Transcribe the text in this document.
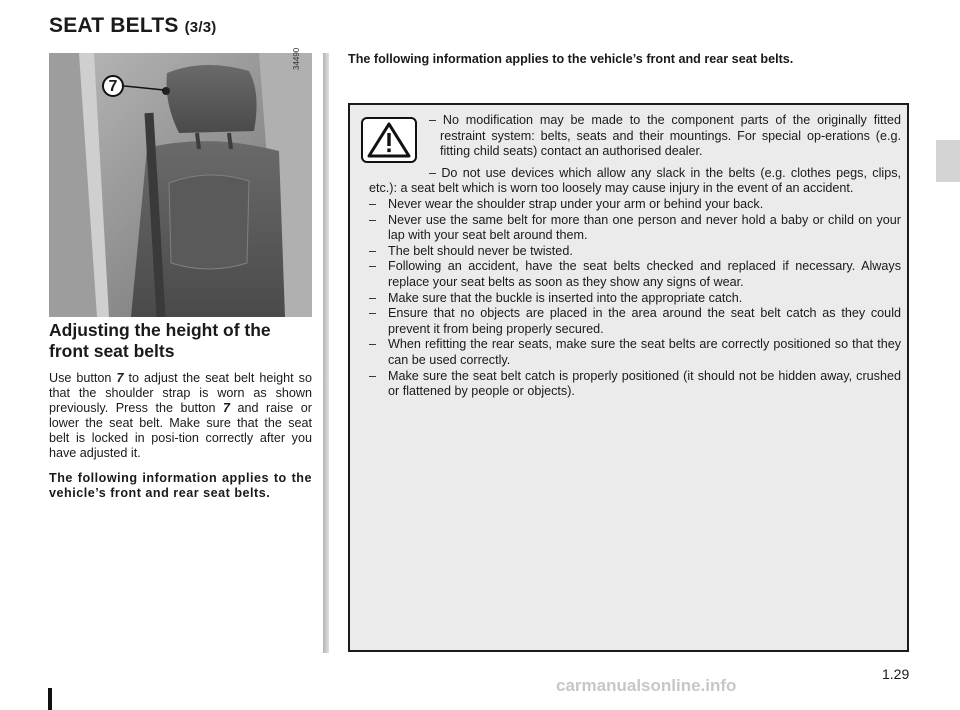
SEAT BELTS (3/3)
34490
7
Adjusting the height of the front seat belts

Use button 7 to adjust the seat belt height so that the shoulder strap is worn as shown previously. Press the button 7 and raise or lower the seat belt. Make sure that the seat belt is locked in posi-tion correctly after you have adjusted it.

The following information applies to the vehicle’s front and rear seat belts.

The following information applies to the vehicle’s front and rear seat belts.

– No modification may be made to the component parts of the originally fitted restraint system: belts, seats and their mountings. For special op-erations (e.g. fitting child seats) contact an authorised dealer.

– Do not use devices which allow any slack in the belts (e.g. clothes pegs, clips, etc.): a seat belt which is worn too loosely may cause injury in the event of an accident.

– Never wear the shoulder strap under your arm or behind your back.
– Never use the same belt for more than one person and never hold a baby or child on your lap with your seat belt around them.
– The belt should never be twisted.
– Following an accident, have the seat belts checked and replaced if necessary. Always replace your seat belts as soon as they show any signs of wear.
– Make sure that the buckle is inserted into the appropriate catch.
– Ensure that no objects are placed in the area around the seat belt catch as they could prevent it from being properly secured.
– When refitting the rear seats, make sure the seat belts are correctly positioned so that they can be used correctly.
– Make sure the seat belt catch is properly positioned (it should not be hidden away, crushed or flattened by people or objects).
1.29
carmanualsonline.info
